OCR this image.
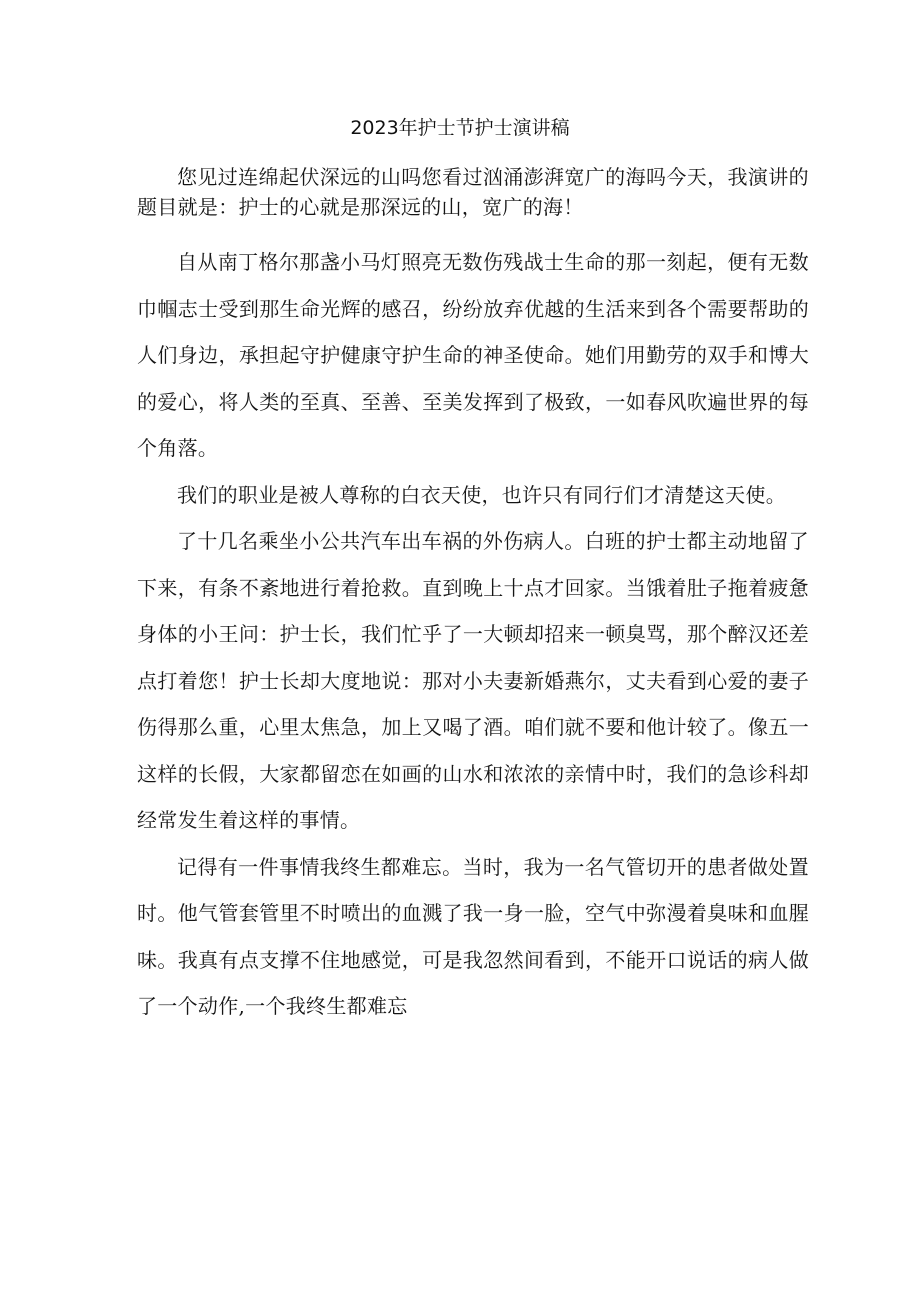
2023年护士节护士演讲稿

您见过连绵起伏深远的山吗您看过汹涌澎湃宽广的海吗今天，我演讲的题目就是：护士的心就是那深远的山，宽广的海！

自从南丁格尔那盏小马灯照亮无数伤残战士生命的那一刻起，便有无数巾帼志士受到那生命光辉的感召，纷纷放弃优越的生活来到各个需要帮助的人们身边，承担起守护健康守护生命的神圣使命。她们用勤劳的双手和博大的爱心，将人类的至真、至善、至美发挥到了极致，一如春风吹遍世界的每个角落。

我们的职业是被人尊称的白衣天使，也许只有同行们才清楚这天使。

了十几名乘坐小公共汽车出车祸的外伤病人。白班的护士都主动地留了下来，有条不紊地进行着抢救。直到晚上十点才回家。当饿着肚子拖着疲惫身体的小王问：护士长，我们忙乎了一大顿却招来一顿臭骂，那个醉汉还差点打着您！护士长却大度地说：那对小夫妻新婚燕尔，丈夫看到心爱的妻子伤得那么重，心里太焦急，加上又喝了酒。咱们就不要和他计较了。像五一这样的长假，大家都留恋在如画的山水和浓浓的亲情中时，我们的急诊科却经常发生着这样的事情。

记得有一件事情我终生都难忘。当时，我为一名气管切开的患者做处置时。他气管套管里不时喷出的血溅了我一身一脸，空气中弥漫着臭味和血腥味。我真有点支撑不住地感觉，可是我忽然间看到，不能开口说话的病人做了一个动作,一个我终生都难忘
